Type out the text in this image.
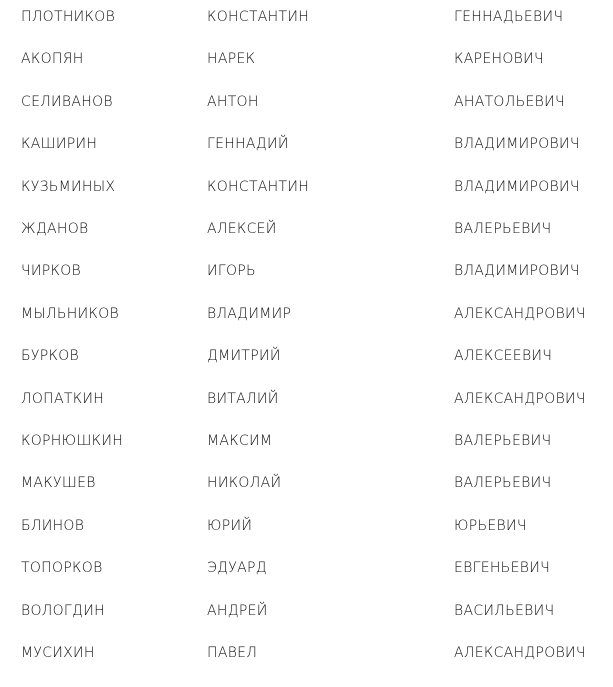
ПЛОТНИКОВ	КОНСТАНТИН	ГЕННАДЬЕВИЧ
АКОПЯН	НАРЕК	КАРЕНОВИЧ
СЕЛИВАНОВ	АНТОН	АНАТОЛЬЕВИЧ
КАШИРИН	ГЕННАДИЙ	ВЛАДИМИРОВИЧ
КУЗЬМИНЫХ	КОНСТАНТИН	ВЛАДИМИРОВИЧ
ЖДАНОВ	АЛЕКСЕЙ	ВАЛЕРЬЕВИЧ
ЧИРКОВ	ИГОРЬ	ВЛАДИМИРОВИЧ
МЫЛЬНИКОВ	ВЛАДИМИР	АЛЕКСАНДРОВИЧ
БУРКОВ	ДМИТРИЙ	АЛЕКСЕЕВИЧ
ЛОПАТКИН	ВИТАЛИЙ	АЛЕКСАНДРОВИЧ
КОРНЮШКИН	МАКСИМ	ВАЛЕРЬЕВИЧ
МАКУШЕВ	НИКОЛАЙ	ВАЛЕРЬЕВИЧ
БЛИНОВ	ЮРИЙ	ЮРЬЕВИЧ
ТОПОРКОВ	ЭДУАРД	ЕВГЕНЬЕВИЧ
ВОЛОГДИН	АНДРЕЙ	ВАСИЛЬЕВИЧ
МУСИХИН	ПАВЕЛ	АЛЕКСАНДРОВИЧ
